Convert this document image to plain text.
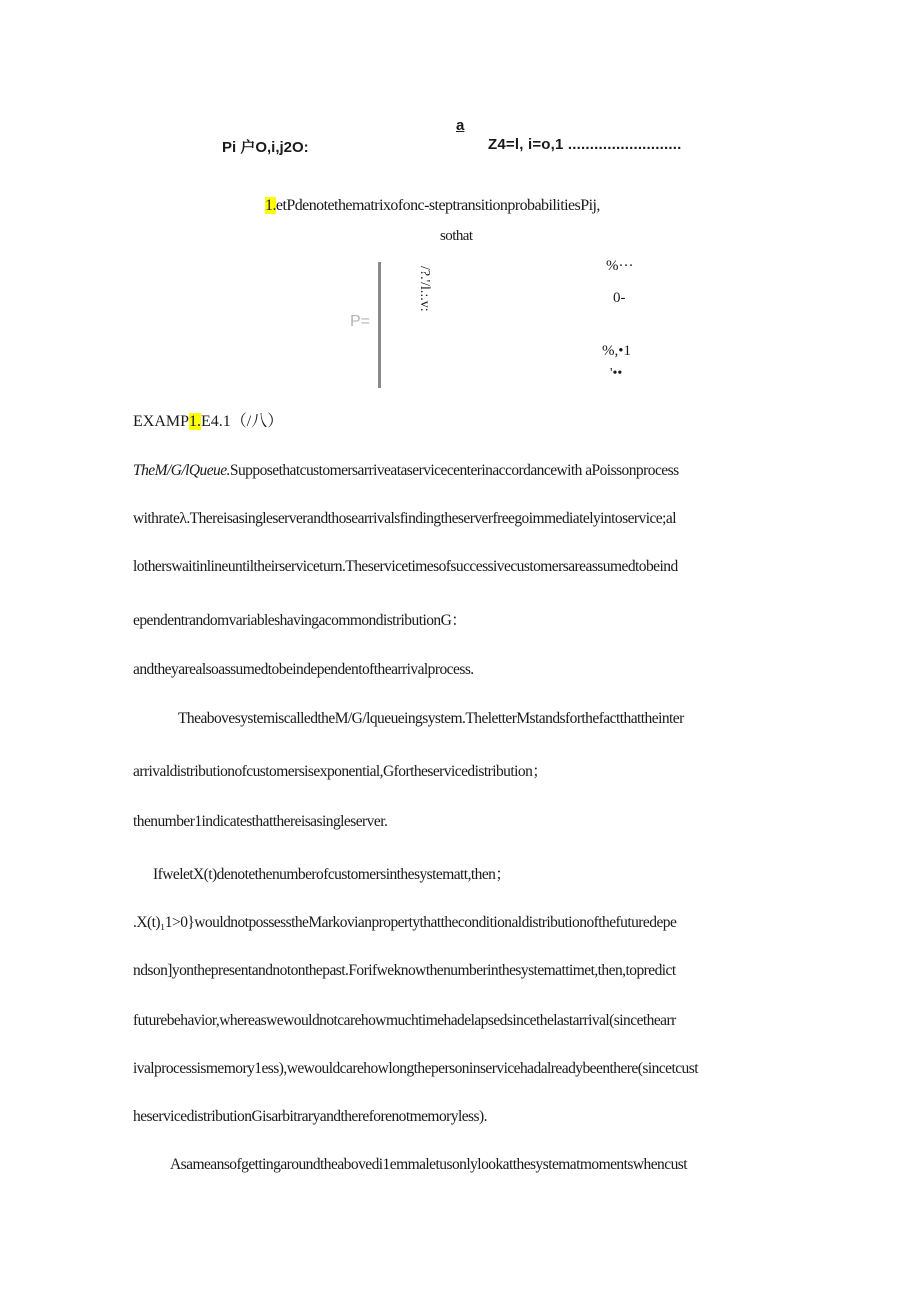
a
Pi 户O,i,j2O:	Z4=l, i=o,1 ..........................
1.etPdenotethematrixofonc-steptransitionprobabilitiesPij,
sothat
P=
/?.'/l.:.v:	%···
0-
%,•1
'••
EXAMP1.E4.1（/八）
TheM/G/lQueue.Supposethatcustomersarriveataservicecenterinaccordancewith aPoissonprocess
withrateλ.Thereisasingleserverandthosearrivalsfindingtheserverfreegoimmediatelyintoservice;al
lotherswaitinlineuntiltheirserviceturn.Theservicetimesofsuccessivecustomersareassumedtobeind
ependentrandomvariableshavingacommondistributionG：
andtheyarealsoassumedtobeindependentofthearrivalprocess.
TheabovesystemiscalledtheM/G/lqueueingsystem.TheletterMstandsforthefactthattheinter
arrivaldistributionofcustomersisexponential,Gfortheservicedistribution；
thenumber1indicatesthatthereisasingleserver.
IfweletX(t)denotethenumberofcustomersinthesystematt,then；
.X(t)₁1>0}wouldnotpossesstheMarkovianpropertythattheconditionaldistributionofthefuturedepe
ndson]yonthepresentandnotonthepast.Forifweknowthenumberinthesystemattimet,then,topredict
futurebehavior,whereaswewouldnotcarehowmuchtimehadelapsedsincethelastarrival(sincethearr
ivalprocessismemory1ess),wewouldcarehowlongthepersoninservicehadalreadybeenthere(sincetcust
heservicedistributionGisarbitraryandthereforenotmemoryless).
Asameansofgettingaroundtheabovedi1emmaletusonlylookatthesystematmomentswhencust
